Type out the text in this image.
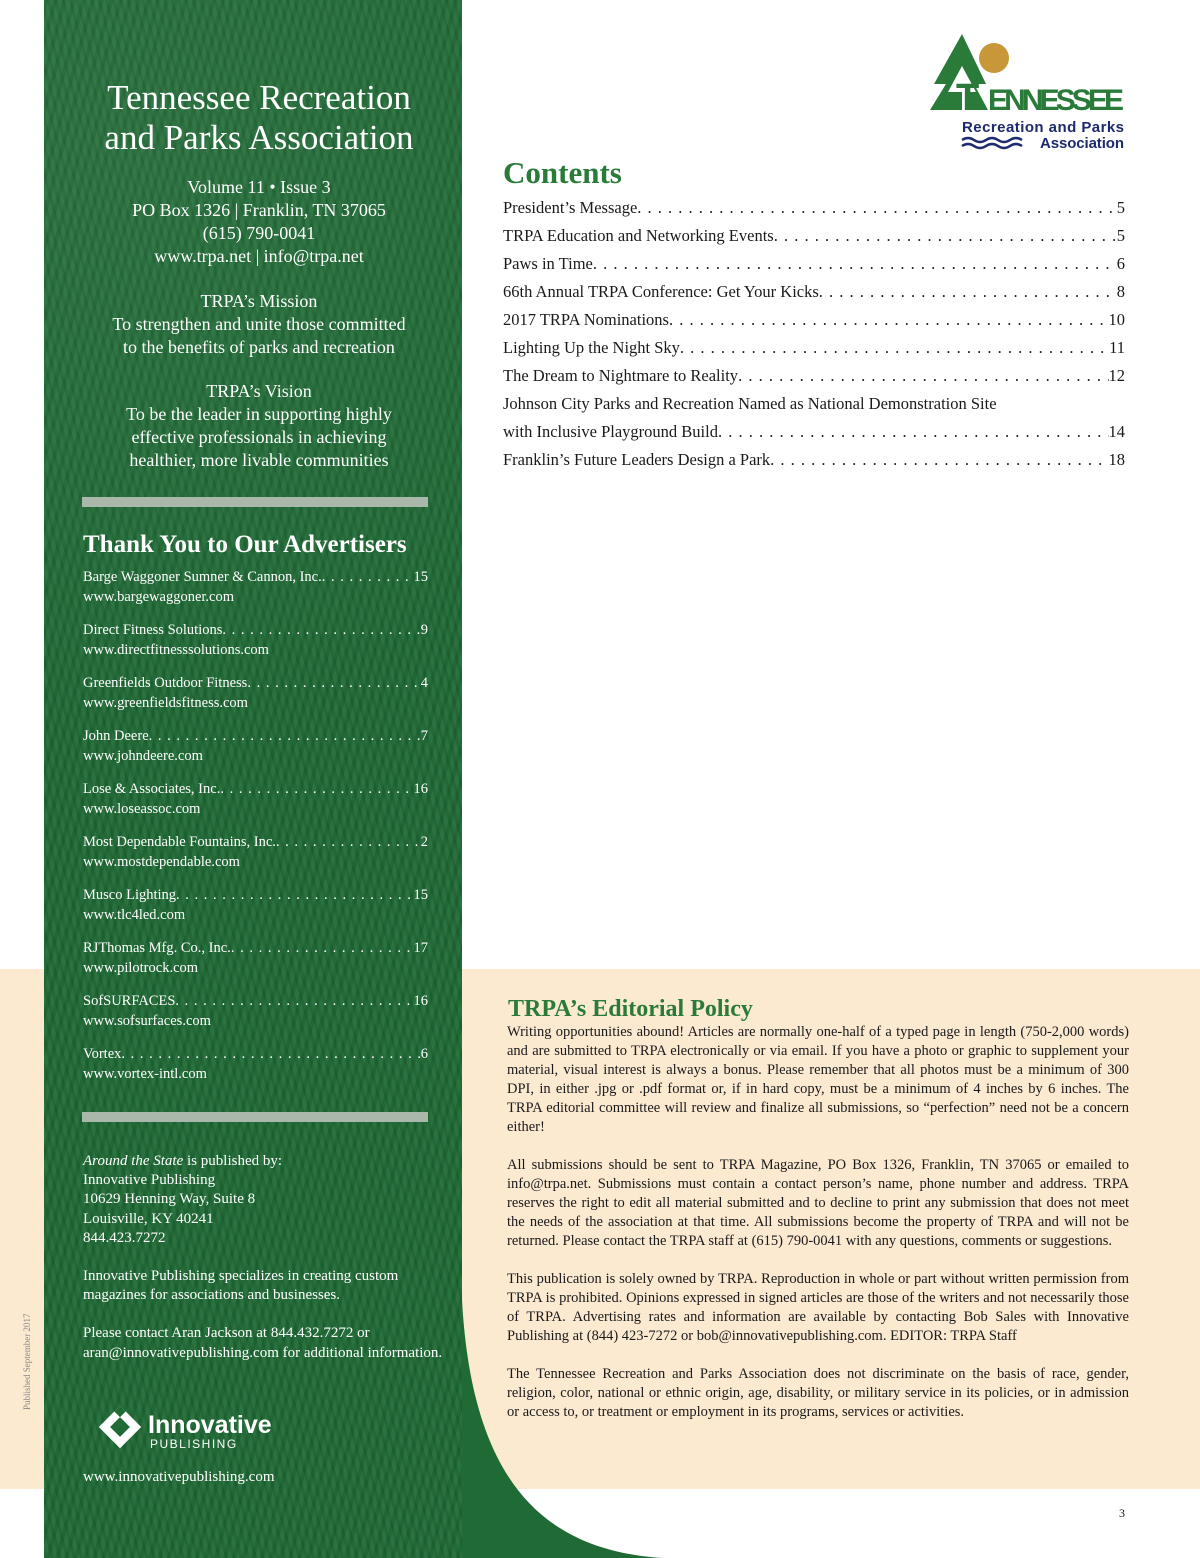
Tennessee Recreation
and Parks Association
Volume 11 • Issue 3
PO Box 1326 | Franklin, TN 37065
(615) 790-0041
www.trpa.net | info@trpa.net
TRPA’s Mission
To strengthen and unite those committed
to the benefits of parks and recreation
TRPA’s Vision
To be the leader in supporting highly
effective professionals in achieving
healthier, more livable communities
Thank You to Our Advertisers
Barge Waggoner Sumner & Cannon, Inc. . . .	15
www.bargewaggoner.com
Direct Fitness Solutions . . .	9
www.directfitnesssolutions.com
Greenfields Outdoor Fitness . . .	4
www.greenfieldsfitness.com
John Deere . . .	7
www.johndeere.com
Lose & Associates, Inc. . . .	16
www.loseassoc.com
Most Dependable Fountains, Inc. . . .	2
www.mostdependable.com
Musco Lighting . . .	15
www.tlc4led.com
RJThomas Mfg. Co., Inc. . . .	17
www.pilotrock.com
SofSURFACES . . .	16
www.sofsurfaces.com
Vortex . . .	6
www.vortex-intl.com

Around the State is published by:
Innovative Publishing
10629 Henning Way, Suite 8
Louisville, KY 40241
844.423.7272

Innovative Publishing specializes in creating custom magazines for associations and businesses.

Please contact Aran Jackson at 844.432.7272 or aran@innovativepublishing.com for additional information.

Innovative
PUBLISHING
www.innovativepublishing.com
Published September 2017
T ENNESSEE
Recreation and Parks
Association
Contents
President’s Message . . .	5
TRPA Education and Networking Events . . .	5
Paws in Time . . .	6
66th Annual TRPA Conference: Get Your Kicks . . .	8
2017 TRPA Nominations . . .	10
Lighting Up the Night Sky . . .	11
The Dream to Nightmare to Reality . . .	12
Johnson City Parks and Recreation Named as National Demonstration Site
with Inclusive Playground Build . . .	14
Franklin’s Future Leaders Design a Park . . .	18
TRPA’s Editorial Policy

Writing opportunities abound! Articles are normally one-half of a typed page in length (750-2,000 words) and are submitted to TRPA electronically or via email. If you have a photo or graphic to supplement your material, visual interest is always a bonus. Please remember that all photos must be a minimum of 300 DPI, in either .jpg or .pdf format or, if in hard copy, must be a minimum of 4 inches by 6 inches. The TRPA editorial committee will review and finalize all submissions, so “perfection” need not be a concern either!

All submissions should be sent to TRPA Magazine, PO Box 1326, Franklin, TN 37065 or emailed to info@trpa.net. Submissions must contain a contact person’s name, phone number and address. TRPA reserves the right to edit all material submitted and to decline to print any submission that does not meet the needs of the association at that time. All submissions become the property of TRPA and will not be returned. Please contact the TRPA staff at (615) 790-0041 with any questions, comments or suggestions.

This publication is solely owned by TRPA. Reproduction in whole or part without written permission from TRPA is prohibited. Opinions expressed in signed articles are those of the writers and not necessarily those of TRPA. Advertising rates and information are available by contacting Bob Sales with Innovative Publishing at (844) 423-7272 or bob@innovativepublishing.com. EDITOR: TRPA Staff

The Tennessee Recreation and Parks Association does not discriminate on the basis of race, gender, religion, color, national or ethnic origin, age, disability, or military service in its policies, or in admission or access to, or treatment or employment in its programs, services or activities.

3
